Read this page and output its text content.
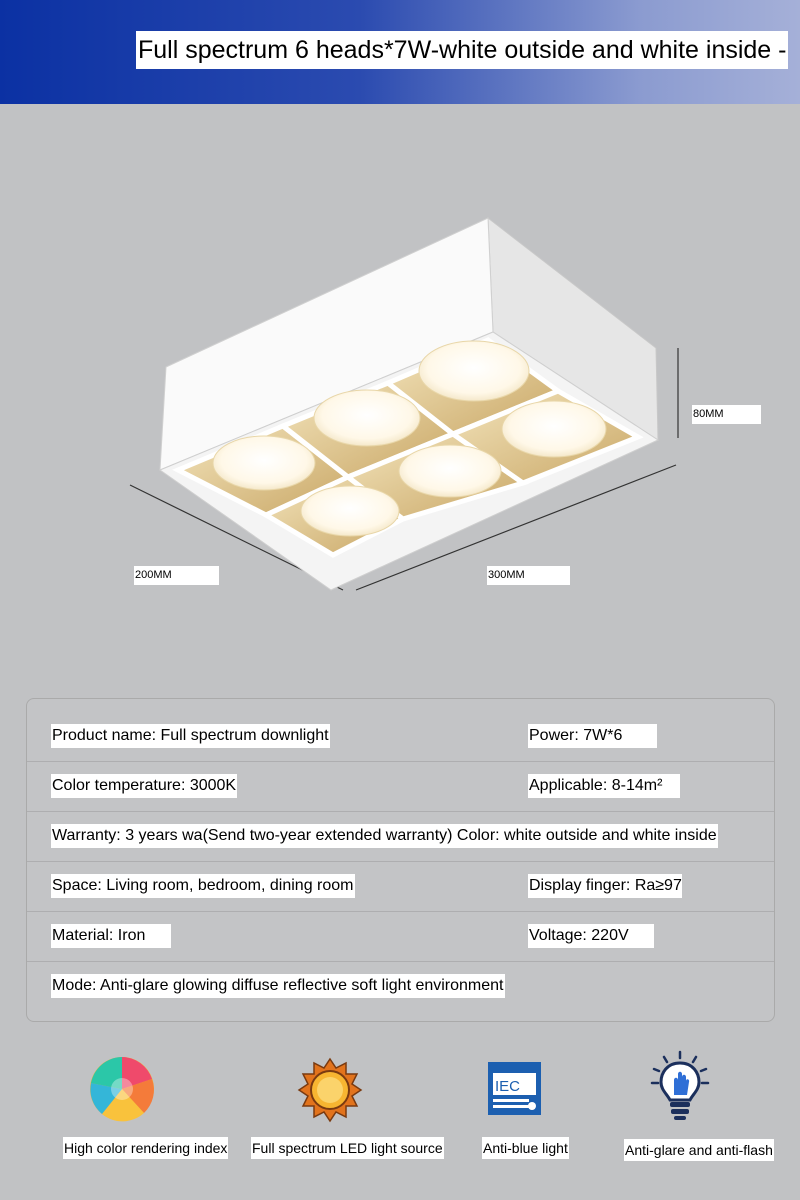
Full spectrum 6 heads*7W-white outside and white inside -
80MM
200MM	300MM
Product name: Full spectrum downlight	Power: 7W*6
Color temperature: 3000K	Applicable: 8-14m²
Warranty: 3 years wa(Send two-year extended warranty) Color: white outside and white inside
Space: Living room, bedroom, dining room	Display finger: Ra≥97
Material: Iron	Voltage: 220V
Mode: Anti-glare glowing diffuse reflective soft light environment
IEC
High color rendering index Full spectrum LED light source	Anti-blue light	Anti-glare and anti-flash
